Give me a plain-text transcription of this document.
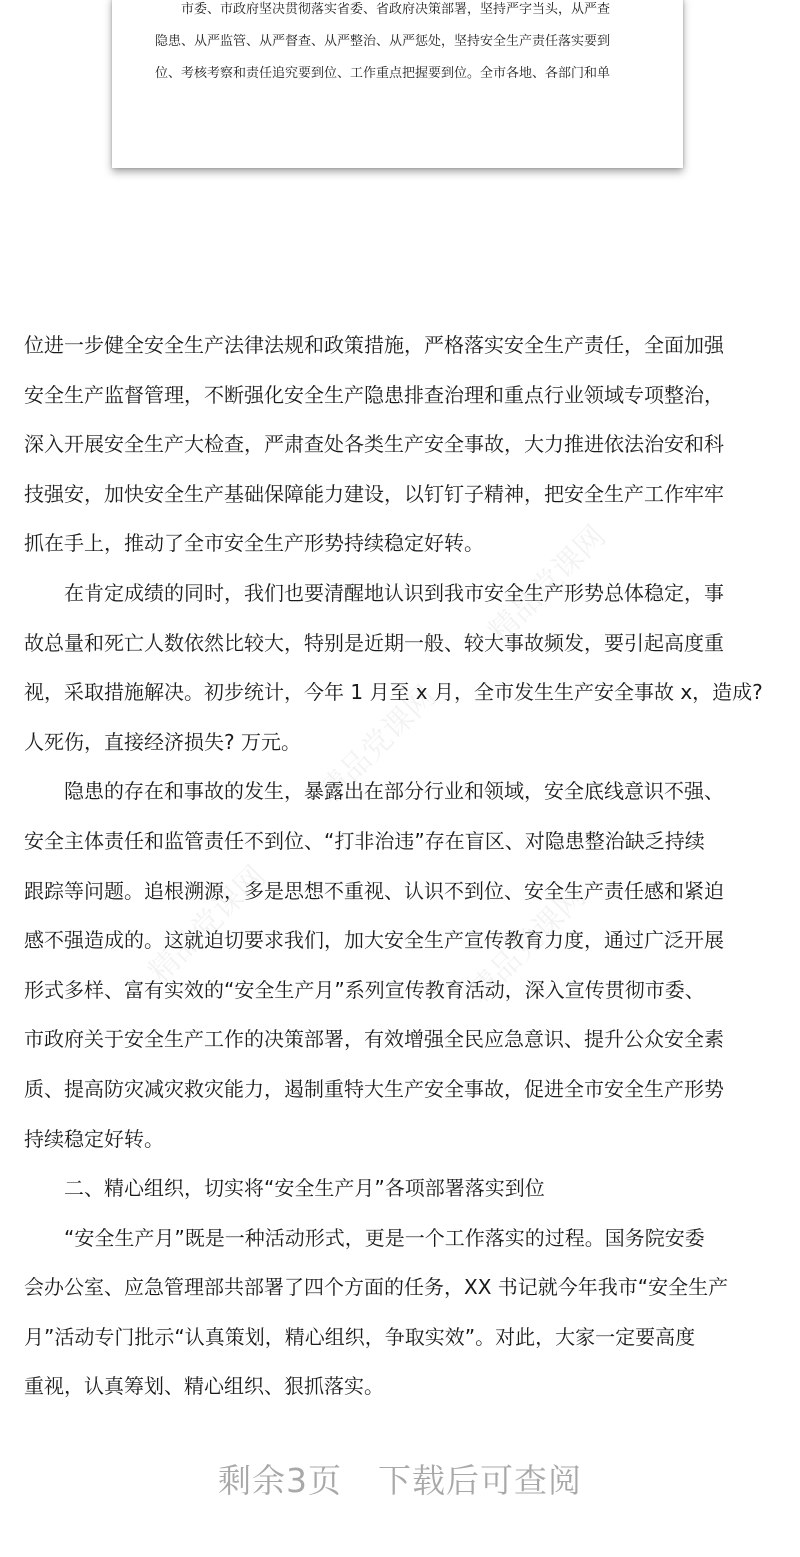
精品党课网
精品党课网
精品党课网	精品党课网
　　市委、市政府坚决贯彻落实省委、省政府决策部署，坚持严字当头，从严查
隐患、从严监管、从严督查、从严整治、从严惩处，坚持安全生产责任落实要到
位、考核考察和责任追究要到位、工作重点把握要到位。全市各地、各部门和单
位进一步健全安全生产法律法规和政策措施，严格落实安全生产责任，全面加强
安全生产监督管理，不断强化安全生产隐患排查治理和重点行业领域专项整治，
深入开展安全生产大检查，严肃查处各类生产安全事故，大力推进依法治安和科
技强安，加快安全生产基础保障能力建设，以钉钉子精神，把安全生产工作牢牢
抓在手上，推动了全市安全生产形势持续稳定好转。
　　在肯定成绩的同时，我们也要清醒地认识到我市安全生产形势总体稳定，事
故总量和死亡人数依然比较大，特别是近期一般、较大事故频发，要引起高度重
视，采取措施解决。初步统计，今年 1 月至 x 月，全市发生生产安全事故 x，造成?
人死伤，直接经济损失? 万元。
　　隐患的存在和事故的发生，暴露出在部分行业和领域，安全底线意识不强、
安全主体责任和监管责任不到位、“打非治违”存在盲区、对隐患整治缺乏持续
跟踪等问题。追根溯源，多是思想不重视、认识不到位、安全生产责任感和紧迫
感不强造成的。这就迫切要求我们，加大安全生产宣传教育力度，通过广泛开展
形式多样、富有实效的“安全生产月”系列宣传教育活动，深入宣传贯彻市委、
市政府关于安全生产工作的决策部署，有效增强全民应急意识、提升公众安全素
质、提高防灾减灾救灾能力，遏制重特大生产安全事故，促进全市安全生产形势
持续稳定好转。
　　二、精心组织，切实将“安全生产月”各项部署落实到位
　　“安全生产月”既是一种活动形式，更是一个工作落实的过程。国务院安委
会办公室、应急管理部共部署了四个方面的任务，XX 书记就今年我市“安全生产
月”活动专门批示“认真策划，精心组织，争取实效”。对此，大家一定要高度
重视，认真筹划、精心组织、狠抓落实。
剩余3页 下载后可查阅
